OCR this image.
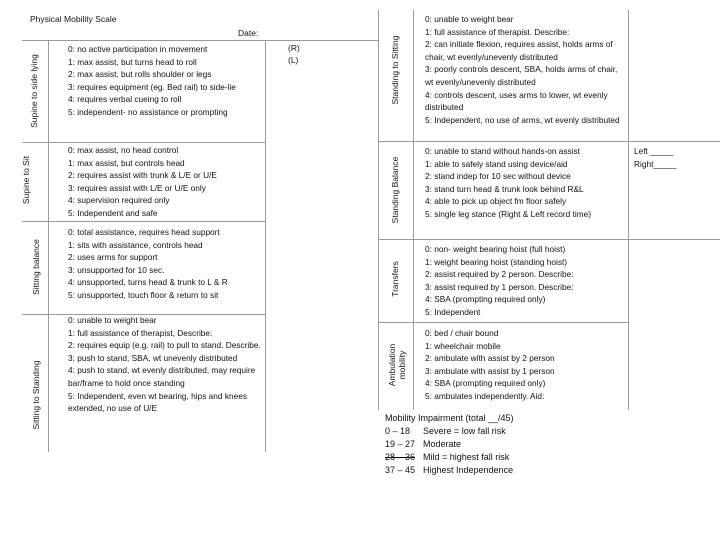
Physical Mobility Scale
Date:
Supine to side lying
Supine to Sit
Sitting balance
Sitting to Standing
0: no active participation in movement
1: max assist, but turns head to roll
2: max assist, but rolls shoulder or legs
3: requires equipment (eg. Bed rail) to side-lie
4: requires verbal cueing to roll
5: independent- no assistance or prompting
0: max assist, no head control
1: max assist, but controls head
2: requires assist with trunk & L/E or U/E
3: requires assist with L/E or U/E only
4: supervision required only
5: Independent and safe
0: total assistance, requires head support
1: sits with assistance, controls head
2: uses arms for support
3: unsupported for 10 sec.
4: unsupported, turns head & trunk to L & R
5: unsupported, touch floor & return to sit
0: unable to weight bear
1: full assistance of therapist, Describe:
2: requires equip (e.g. rail) to pull to stand. Describe.
3: push to stand, SBA, wt unevenly distributed
4: push to stand, wt evenly distributed, may require bar/frame to hold once standing
5: Independent, even wt bearing, hips and knees extended, no use of U/E
(R)
(L)	Standing to Sitting
Standing Balance
Transfers
Ambulation mobility
0: unable to weight bear
1: full assistance of therapist. Describe:
2: can initiate flexion, requires assist, holds arms of chair, wt evenly/unevenly distributed
3: poorly controls descent, SBA, holds arms of chair, wt evenly/unevenly distributed
4: controls descent, uses arms to lower, wt evenly distributed
5: Independent, no use of arms, wt evenly distributed
0: unable to stand without hands-on assist
1: able to safely stand using device/aid
2: stand indep for 10 sec without device
3: stand turn head & trunk look behind R&L
4: able to pick up object fm floor safely
5: single leg stance (Right & Left record time)
0: non- weight bearing hoist (full hoist)
1: weight bearing hoist (standing hoist)
2: assist required by 2 person. Describe:
3: assist required by 1 person. Describe:
4: SBA (prompting required only)
5: Independent
0: bed / chair bound
1: wheelchair mobile
2: ambulate with assist by 2 person
3: ambulate with assist by 1 person
4: SBA (prompting required only)
5: ambulates independently. Aid:
Left _____
Right_____
Mobility Impairment (total __/45)
0 – 18 Severe = low fall risk
19 – 27 Moderate
28 – 36 Mild = highest fall risk
37 – 45 Highest Independence
